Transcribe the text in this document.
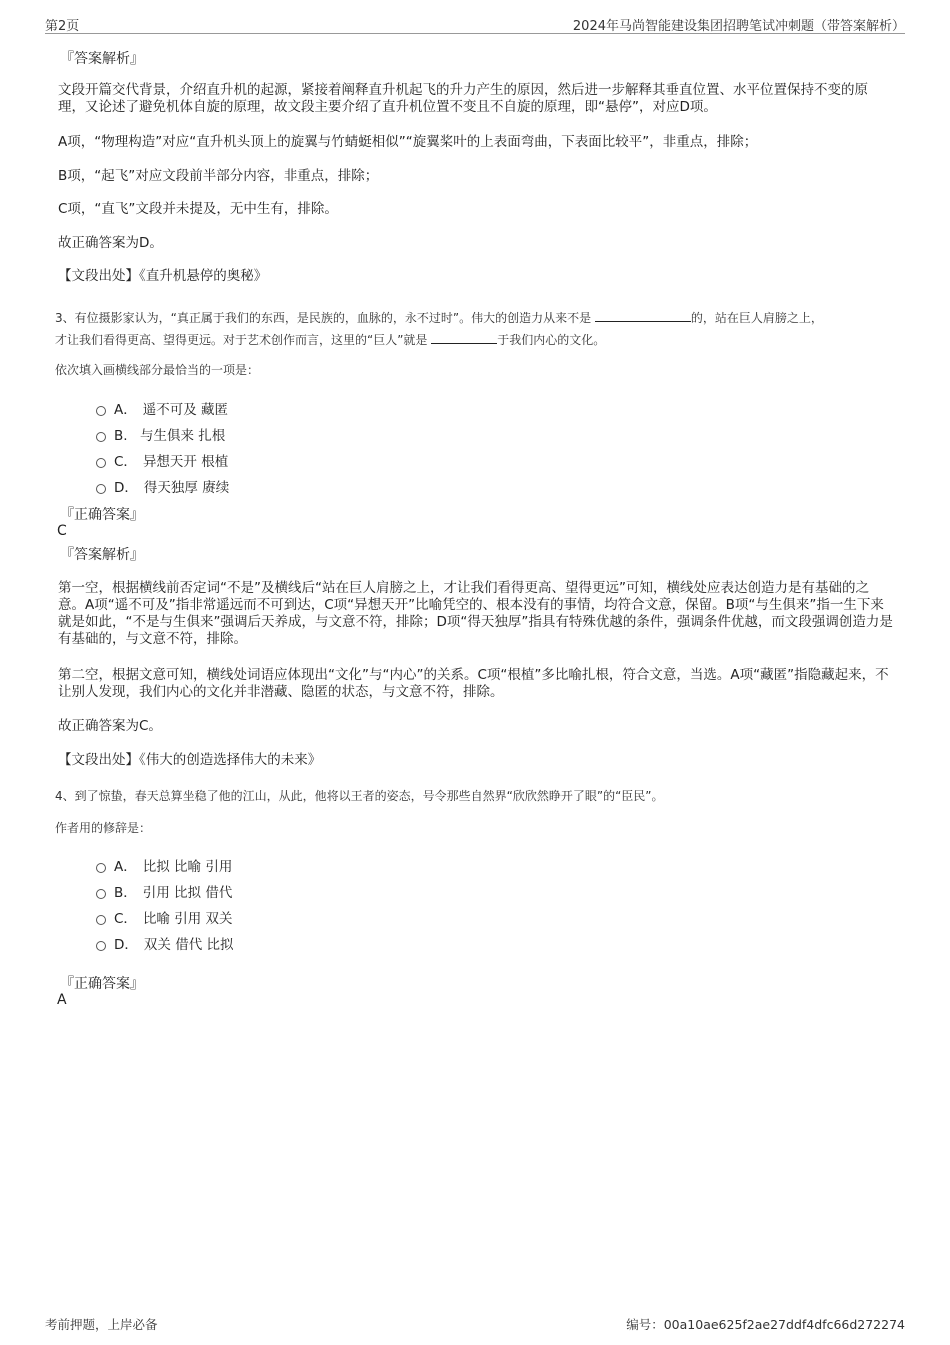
第2页	2024年马尚智能建设集团招聘笔试冲刺题（带答案解析）
『答案解析』
文段开篇交代背景，介绍直升机的起源，紧接着阐释直升机起飞的升力产生的原因，然后进一步解释其垂直位置、水平位置保持不变的原理，又论述了避免机体自旋的原理，故文段主要介绍了直升机位置不变且不自旋的原理，即“悬停”，对应D项。
A项，“物理构造”对应“直升机头顶上的旋翼与竹蜻蜓相似”“旋翼桨叶的上表面弯曲，下表面比较平”，非重点，排除；
B项，“起飞”对应文段前半部分内容，非重点，排除；
C项，“直飞”文段并未提及，无中生有，排除。
故正确答案为D。
【文段出处】《直升机悬停的奥秘》
3、有位摄影家认为，“真正属于我们的东西，是民族的，血脉的，永不过时”。伟大的创造力从来不是	的，站在巨人肩膀之上，
才让我们看得更高、望得更远。对于艺术创作而言，这里的“巨人”就是	于我们内心的文化。
依次填入画横线部分最恰当的一项是：
A． 遥不可及 藏匿
B. 与生俱来 扎根
C． 异想天开 根植
D． 得天独厚 赓续
『正确答案』
C
『答案解析』
第一空，根据横线前否定词“不是”及横线后“站在巨人肩膀之上，才让我们看得更高、望得更远”可知，横线处应表达创造力是有基础的之意。A项“遥不可及”指非常遥远而不可到达，C项“异想天开”比喻凭空的、根本没有的事情，均符合文意，保留。B项“与生俱来”指一生下来就是如此，“不是与生俱来”强调后天养成，与文意不符，排除；D项“得天独厚”指具有特殊优越的条件，强调条件优越，而文段强调创造力是有基础的，与文意不符，排除。
第二空，根据文意可知，横线处词语应体现出“文化”与“内心”的关系。C项“根植”多比喻扎根，符合文意，当选。A项“藏匿”指隐藏起来，不让别人发现，我们内心的文化并非潜藏、隐匿的状态，与文意不符，排除。
故正确答案为C。
【文段出处】《伟大的创造选择伟大的未来》
4、到了惊蛰，春天总算坐稳了他的江山，从此，他将以王者的姿态，号令那些自然界“欣欣然睁开了眼”的“臣民”。
作者用的修辞是：
A． 比拟 比喻 引用
B． 引用 比拟 借代
C． 比喻 引用 双关
D． 双关 借代 比拟
『正确答案』
A
考前押题，上岸必备	编号：00a10ae625f2ae27ddf4dfc66d272274
